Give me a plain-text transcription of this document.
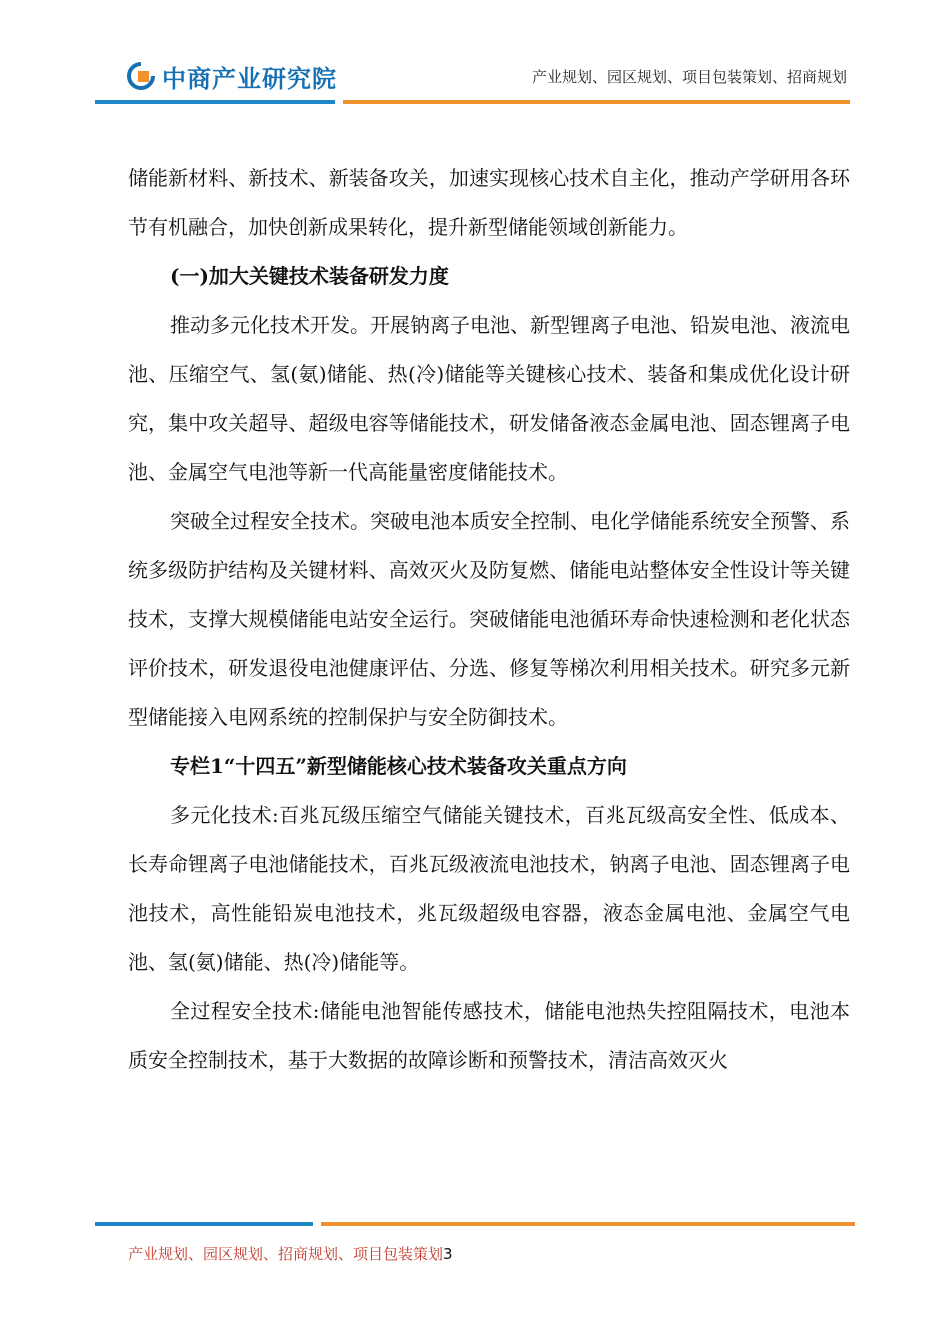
中商产业研究院	产业规划、园区规划、项目包装策划、招商规划

储能新材料、新技术、新装备攻关，加速实现核心技术自主化，推动产学研用各环节有机融合，加快创新成果转化，提升新型储能领域创新能力。

(一)加大关键技术装备研发力度

推动多元化技术开发。开展钠离子电池、新型锂离子电池、铅炭电池、液流电池、压缩空气、氢(氨)储能、热(冷)储能等关键核心技术、装备和集成优化设计研究，集中攻关超导、超级电容等储能技术，研发储备液态金属电池、固态锂离子电池、金属空气电池等新一代高能量密度储能技术。

突破全过程安全技术。突破电池本质安全控制、电化学储能系统安全预警、系统多级防护结构及关键材料、高效灭火及防复燃、储能电站整体安全性设计等关键技术，支撑大规模储能电站安全运行。突破储能电池循环寿命快速检测和老化状态评价技术，研发退役电池健康评估、分选、修复等梯次利用相关技术。研究多元新型储能接入电网系统的控制保护与安全防御技术。

专栏1“十四五”新型储能核心技术装备攻关重点方向

多元化技术:百兆瓦级压缩空气储能关键技术，百兆瓦级高安全性、低成本、长寿命锂离子电池储能技术，百兆瓦级液流电池技术，钠离子电池、固态锂离子电池技术，高性能铅炭电池技术，兆瓦级超级电容器，液态金属电池、金属空气电池、氢(氨)储能、热(冷)储能等。

全过程安全技术:储能电池智能传感技术，储能电池热失控阻隔技术，电池本质安全控制技术，基于大数据的故障诊断和预警技术，清洁高效灭火

产业规划、园区规划、招商规划、项目包装策划3
